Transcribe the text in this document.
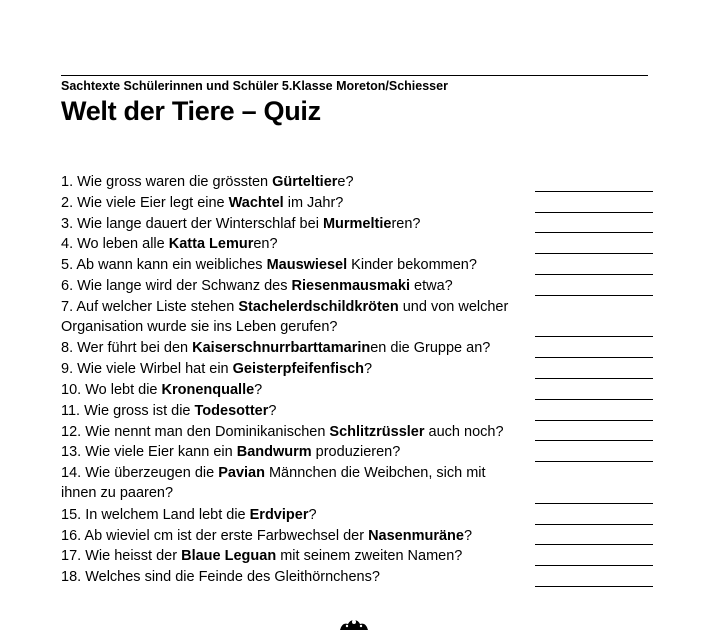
Sachtexte Schülerinnen und Schüler 5.Klasse Moreton/Schiesser
Welt der Tiere – Quiz
1. Wie gross waren die grössten Gürteltiere?
2. Wie viele Eier legt eine Wachtel im Jahr?
3. Wie lange dauert der Winterschlaf bei Murmeltieren?
4. Wo leben alle Katta Lemuren?
5. Ab wann kann ein weibliches Mauswiesel Kinder bekommen?
6. Wie lange wird der Schwanz des Riesenmausmaki etwa?
7. Auf welcher Liste stehen Stachelerdschildkröten und von welcher
Organisation wurde sie ins Leben gerufen?
8. Wer führt bei den Kaiserschnurrbarttamarinen die Gruppe an?
9. Wie viele Wirbel hat ein Geisterpfeifenfisch?
10. Wo lebt die Kronenqualle?
11. Wie gross ist die Todesotter?
12. Wie nennt man den Dominikanischen Schlitzrüssler auch noch?
13. Wie viele Eier kann ein Bandwurm produzieren?
14. Wie überzeugen die Pavian Männchen die Weibchen, sich mit
ihnen zu paaren?
15. In welchem Land lebt die Erdviper?
16. Ab wieviel cm ist der erste Farbwechsel der Nasenmuräne?
17. Wie heisst der Blaue Leguan mit seinem zweiten Namen?
18. Welches sind die Feinde des Gleithörnchens?
